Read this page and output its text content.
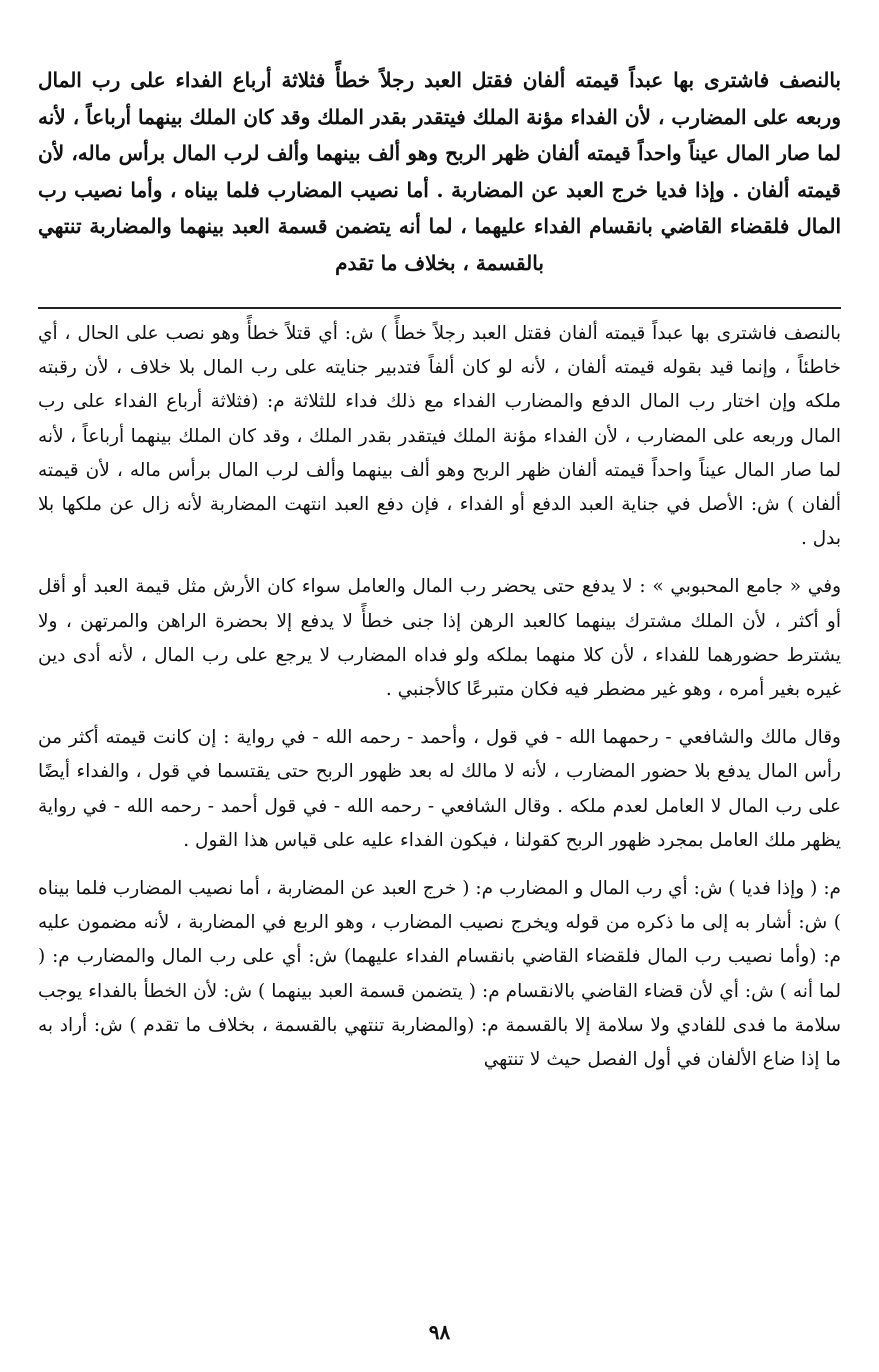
بالنصف فاشترى بها عبداً قيمته ألفان فقتل العبد رجلاً خطأً فثلاثة أرباع الفداء على رب المال وربعه على المضارب ، لأن الفداء مؤنة الملك فيتقدر بقدر الملك وقد كان الملك بينهما أرباعاً ، لأنه لما صار المال عيناً واحداً قيمته ألفان ظهر الربح وهو ألف بينهما وألف لرب المال برأس ماله، لأن قيمته ألفان . وإذا فديا خرج العبد عن المضاربة . أما نصيب المضارب فلما بيناه ، وأما نصيب رب المال فلقضاء القاضي بانقسام الفداء عليهما ، لما أنه يتضمن قسمة العبد بينهما والمضاربة تنتهي بالقسمة ، بخلاف ما تقدم

بالنصف فاشترى بها عبداً قيمته ألفان فقتل العبد رجلاً خطأً ) ش: أي قتلاً خطأً وهو نصب على الحال ، أي خاطئاً ، وإنما قيد بقوله قيمته ألفان ، لأنه لو كان ألفاً فتدبير جنايته على رب المال بلا خلاف ، لأن رقبته ملكه وإن اختار رب المال الدفع والمضارب الفداء مع ذلك فداء للثلاثة م: (فثلاثة أرباع الفداء على رب المال وربعه على المضارب ، لأن الفداء مؤنة الملك فيتقدر بقدر الملك ، وقد كان الملك بينهما أرباعاً ، لأنه لما صار المال عيناً واحداً قيمته ألفان ظهر الربح وهو ألف بينهما وألف لرب المال برأس ماله ، لأن قيمته ألفان ) ش: الأصل في جناية العبد الدفع أو الفداء ، فإن دفع العبد انتهت المضاربة لأنه زال عن ملكها بلا بدل .

وفي « جامع المحبوبي » : لا يدفع حتى يحضر رب المال والعامل سواء كان الأرش مثل قيمة العبد أو أقل أو أكثر ، لأن الملك مشترك بينهما كالعبد الرهن إذا جنى خطأً لا يدفع إلا بحضرة الراهن والمرتهن ، ولا يشترط حضورهما للفداء ، لأن كلا منهما بملكه ولو فداه المضارب لا يرجع على رب المال ، لأنه أدى دين غيره بغير أمره ، وهو غير مضطر فيه فكان متبرعًا كالأجنبي .

وقال مالك والشافعي - رحمهما الله - في قول ، وأحمد - رحمه الله - في رواية : إن كانت قيمته أكثر من رأس المال يدفع بلا حضور المضارب ، لأنه لا مالك له بعد ظهور الربح حتى يقتسما في قول ، والفداء أيضًا على رب المال لا العامل لعدم ملكه . وقال الشافعي - رحمه الله - في قول أحمد - رحمه الله - في رواية يظهر ملك العامل بمجرد ظهور الربح كقولنا ، فيكون الفداء عليه على قياس هذا القول .

م: ( وإذا فديا ) ش: أي رب المال و المضارب م: ( خرج العبد عن المضاربة ، أما نصيب المضارب فلما بيناه ) ش: أشار به إلى ما ذكره من قوله ويخرج نصيب المضارب ، وهو الربع في المضاربة ، لأنه مضمون عليه م: (وأما نصيب رب المال فلقضاء القاضي بانقسام الفداء عليهما) ش: أي على رب المال والمضارب م: ( لما أنه ) ش: أي لأن قضاء القاضي بالانقسام م: ( يتضمن قسمة العبد بينهما ) ش: لأن الخطأ بالفداء يوجب سلامة ما فدى للفادي ولا سلامة إلا بالقسمة م: (والمضاربة تنتهي بالقسمة ، بخلاف ما تقدم ) ش: أراد به ما إذا ضاع الألفان في أول الفصل حيث لا تنتهي

٩٨
